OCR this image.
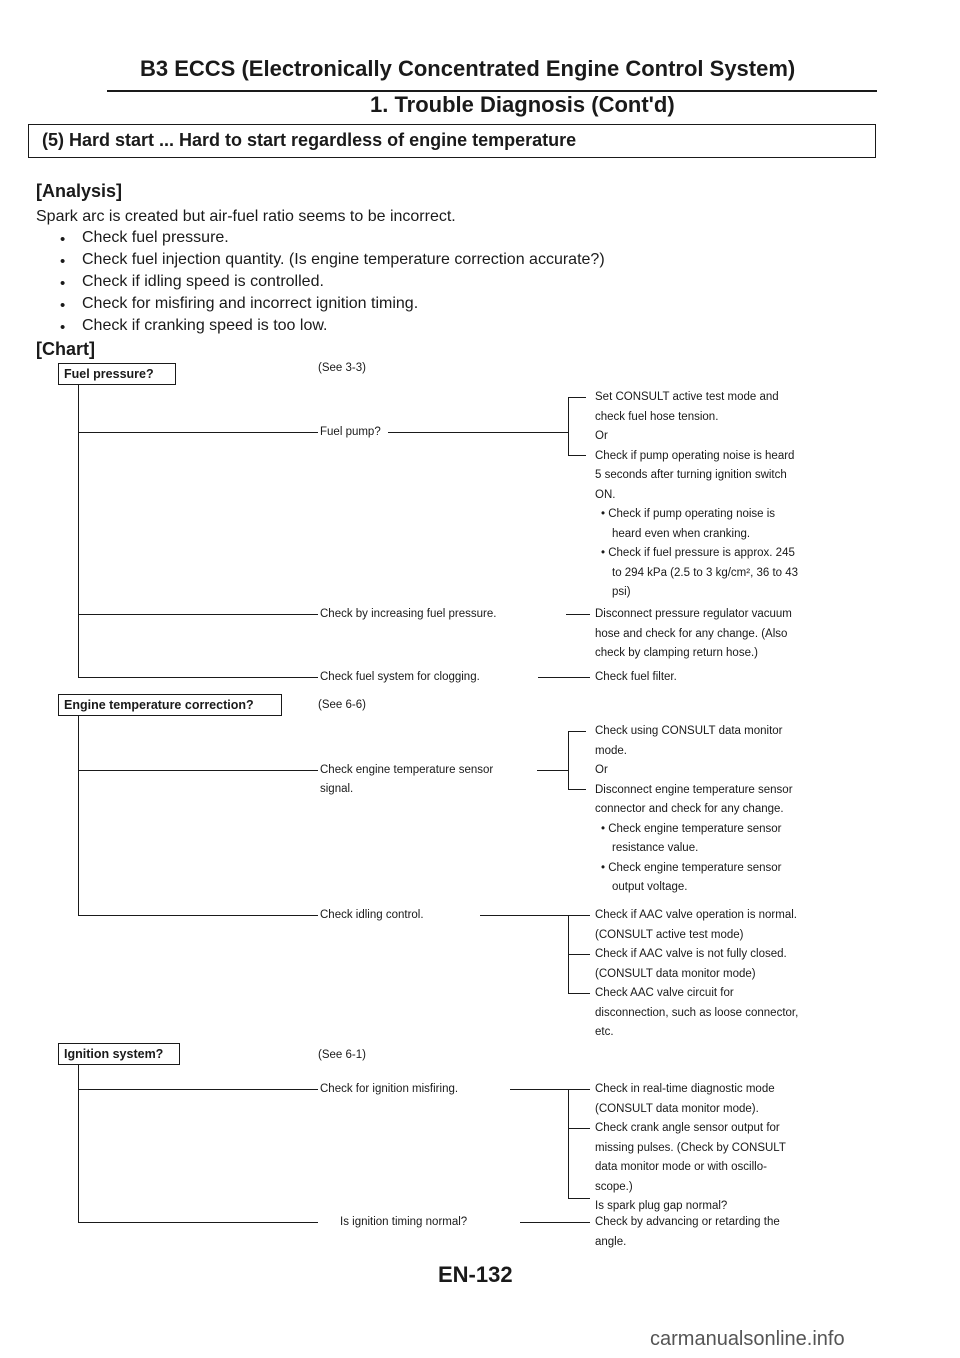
B3 ECCS (Electronically Concentrated Engine Control System)
1. Trouble Diagnosis (Cont'd)
(5) Hard start ... Hard to start regardless of engine temperature
[Analysis]
Spark arc is created but air-fuel ratio seems to be incorrect.
• Check fuel pressure.
• Check fuel injection quantity. (Is engine temperature correction accurate?)
• Check if idling speed is controlled.
• Check for misfiring and incorrect ignition timing.
• Check if cranking speed is too low.
[Chart]
Fuel pressure?	(See 3-3)
Fuel pump?
Set CONSULT active test mode and
check fuel hose tension.
Or
Check if pump operating noise is heard
5 seconds after turning ignition switch
ON.
• Check if pump operating noise is
heard even when cranking.
• Check if fuel pressure is approx. 245
to 294 kPa (2.5 to 3 kg/cm², 36 to 43
psi)
Check by increasing fuel pressure.	Disconnect pressure regulator vacuum
hose and check for any change. (Also
check by clamping return hose.)
Check fuel system for clogging.	Check fuel filter.
Engine temperature correction?	(See 6-6)
Check engine temperature sensor
signal.
Check using CONSULT data monitor
mode.
Or
Disconnect engine temperature sensor
connector and check for any change.
• Check engine temperature sensor
resistance value.
• Check engine temperature sensor
output voltage.
Check idling control.	Check if AAC valve operation is normal.
(CONSULT active test mode)
Check if AAC valve is not fully closed.
(CONSULT data monitor mode)
Check AAC valve circuit for
disconnection, such as loose connector,
etc.
Ignition system?	(See 6-1)
Check for ignition misfiring.	Check in real-time diagnostic mode
(CONSULT data monitor mode).
Check crank angle sensor output for
missing pulses. (Check by CONSULT
data monitor mode or with oscillo-
scope.)
Is spark plug gap normal?
Is ignition timing normal?	Check by advancing or retarding the
angle.
EN-132
carmanualsonline.info
